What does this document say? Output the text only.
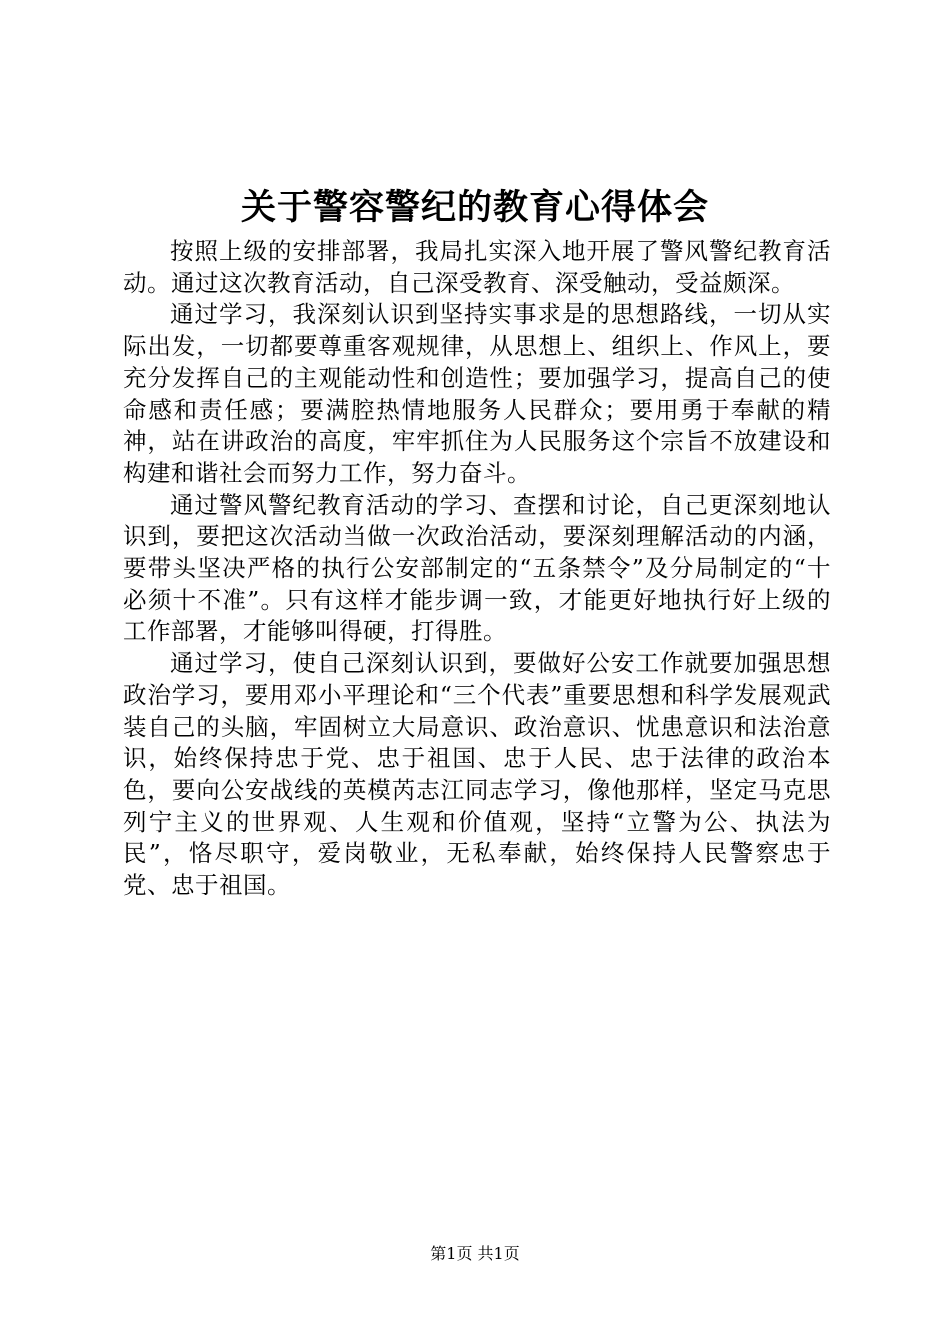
关于警容警纪的教育心得体会

按照上级的安排部署，我局扎实深入地开展了警风警纪教育活动。通过这次教育活动，自己深受教育、深受触动，受益颇深。

通过学习，我深刻认识到坚持实事求是的思想路线，一切从实际出发，一切都要尊重客观规律，从思想上、组织上、作风上，要充分发挥自己的主观能动性和创造性；要加强学习，提高自己的使命感和责任感；要满腔热情地服务人民群众；要用勇于奉献的精神，站在讲政治的高度，牢牢抓住为人民服务这个宗旨不放建设和构建和谐社会而努力工作，努力奋斗。

通过警风警纪教育活动的学习、查摆和讨论，自己更深刻地认识到，要把这次活动当做一次政治活动，要深刻理解活动的内涵，要带头坚决严格的执行公安部制定的“五条禁令”及分局制定的“十必须十不准”。只有这样才能步调一致，才能更好地执行好上级的工作部署，才能够叫得硬，打得胜。

通过学习，使自己深刻认识到，要做好公安工作就要加强思想政治学习，要用邓小平理论和“三个代表”重要思想和科学发展观武装自己的头脑，牢固树立大局意识、政治意识、忧患意识和法治意识，始终保持忠于党、忠于祖国、忠于人民、忠于法律的政治本色，要向公安战线的英模芮志江同志学习，像他那样，坚定马克思列宁主义的世界观、人生观和价值观，坚持“立警为公、执法为民”，恪尽职守，爱岗敬业，无私奉献，始终保持人民警察忠于党、忠于祖国。

第1页 共1页
